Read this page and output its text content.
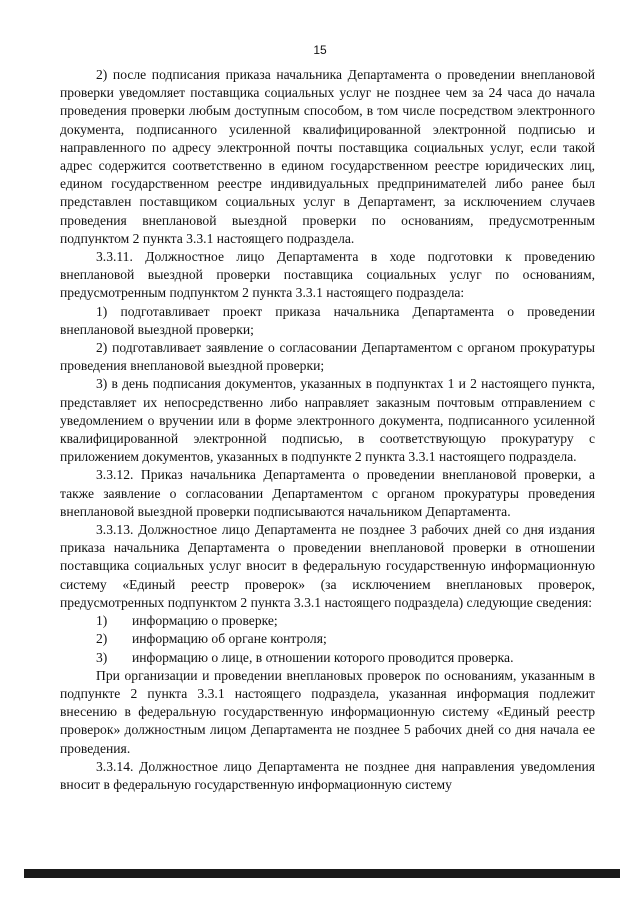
15

2) после подписания приказа начальника Департамента о проведении внеплановой проверки уведомляет поставщика социальных услуг не позднее чем за 24 часа до начала проведения проверки любым доступным способом, в том числе посредством электронного документа, подписанного усиленной квалифицированной электронной подписью и направленного по адресу электронной почты поставщика социальных услуг, если такой адрес содержится соответственно в едином государственном реестре юридических лиц, едином государственном реестре индивидуальных предпринимателей либо ранее был представлен поставщиком социальных услуг в Департамент, за исключением случаев проведения внеплановой выездной проверки по основаниям, предусмотренным подпунктом 2 пункта 3.3.1 настоящего подраздела.

3.3.11. Должностное лицо Департамента в ходе подготовки к проведению внеплановой выездной проверки поставщика социальных услуг по основаниям, предусмотренным подпунктом 2 пункта 3.3.1 настоящего подраздела:

1) подготавливает проект приказа начальника Департамента о проведении внеплановой выездной проверки;

2) подготавливает заявление о согласовании Департаментом с органом прокуратуры проведения внеплановой выездной проверки;

3) в день подписания документов, указанных в подпунктах 1 и 2 настоящего пункта, представляет их непосредственно либо направляет заказным почтовым отправлением с уведомлением о вручении или в форме электронного документа, подписанного усиленной квалифицированной электронной подписью, в соответствующую прокуратуру с приложением документов, указанных в подпункте 2 пункта 3.3.1 настоящего подраздела.

3.3.12. Приказ начальника Департамента о проведении внеплановой проверки, а также заявление о согласовании Департаментом с органом прокуратуры проведения внеплановой выездной проверки подписываются начальником Департамента.

3.3.13. Должностное лицо Департамента не позднее 3 рабочих дней со дня издания приказа начальника Департамента о проведении внеплановой проверки в отношении поставщика социальных услуг вносит в федеральную государственную информационную систему «Единый реестр проверок» (за исключением внеплановых проверок, предусмотренных подпунктом 2 пункта 3.3.1 настоящего подраздела) следующие сведения:

1)	информацию о проверке;
2)	информацию об органе контроля;
3)	информацию о лице, в отношении которого проводится проверка.

При организации и проведении внеплановых проверок по основаниям, указанным в подпункте 2 пункта 3.3.1 настоящего подраздела, указанная информация подлежит внесению в федеральную государственную информационную систему «Единый реестр проверок» должностным лицом Департамента не позднее 5 рабочих дней со дня начала ее проведения.

3.3.14. Должностное лицо Департамента не позднее дня направления уведомления вносит в федеральную государственную информационную систему
